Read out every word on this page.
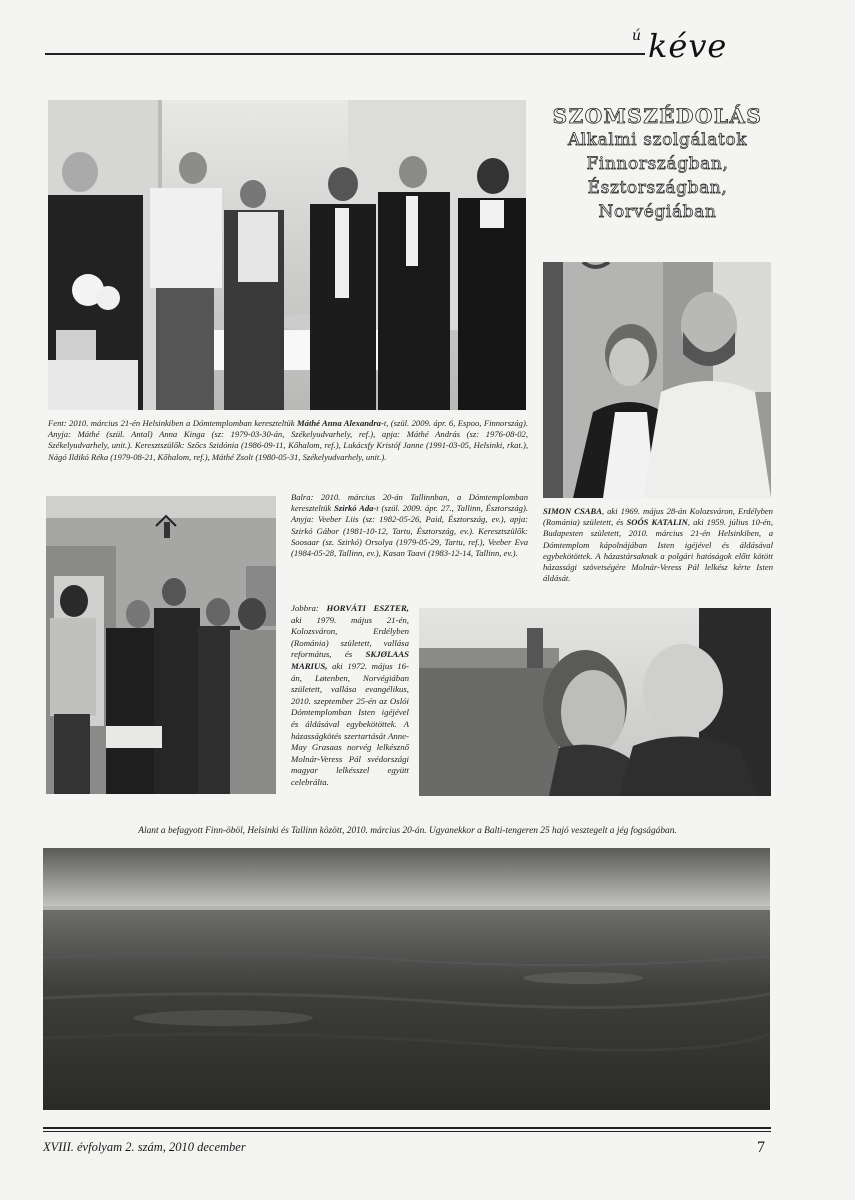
ú kéve
SZOMSZÉDOLÁS
Alkalmi szolgálatok
Finnországban,
Észtországban,
Norvégiában

Fent: 2010. március 21-én Helsinkiben a Dómtemplomban kereszteltük Máthé Anna Alexandra-t, (szül. 2009. ápr. 6, Espoo, Finnország). Anyja: Máthé (szül. Antal) Anna Kinga (sz: 1979-03-30-án, Székelyudvarhely, ref.), apja: Máthé András (sz: 1976-08-02, Székelyudvarhely, unit.). Keresztszülők: Szőcs Szidónia (1986-09-11, Kőhalom, ref.), Lukácsfy Kristóf Janne (1991-03-05, Helsinki, rkat.), Nágó Ildikó Réka (1979-08-21, Kőhalom, ref.), Máthé Zsolt (1980-05-31, Székelyudvarhely, unit.).

Balra: 2010. március 20-án Tallinnban, a Dómtemplomban kereszteltük Szirkó Ada-t (szül. 2009. ápr. 27., Tallinn, Észtország). Anyja: Veeber Liis (sz: 1982-05-26, Paid, Észtország, ev.), apja: Szirkó Gábor (1981-10-12, Tartu, Észtország, ev.). Keresztszülők: Soosaar (sz. Szirkó) Orsolya (1979-05-29, Tartu, ref.), Veeber Eva (1984-05-28, Tallinn, ev.), Kasan Taavi (1983-12-14, Tallinn, ev.).

SIMON CSABA, aki 1969. május 28-án Kolozsváron, Erdélyben (Románia) született, és SOÓS KATALIN, aki 1959. július 10-én, Budapesten született, 2010. március 21-én Helsinkiben, a Dómtemplom kápolnájában Isten igéjével és áldásával egybekötöttek. A házastársaknak a polgári hatóságok előtt kötött házassági szövetségére Molnár-Veress Pál lelkész kérte Isten áldását.

Jobbra: HORVÁTI ESZTER, aki 1979. május 21-én, Kolozsváron, Erdélyben (Románia) született, vallása református, és SKJØLAAS MARIUS, aki 1972. május 16-án, Løtenben, Norvégiában született, vallása evangélikus, 2010. szeptember 25-én az Oslói Dómtemplomban Isten igéjével és áldásával egybekötöttek. A házasságkötés szertartását Anne-May Grasaas norvég lelkésznő Molnár-Veress Pál svédországi magyar lelkésszel együtt celebrálta.

Alant a befagyott Finn-öböl, Helsinki és Tallinn között, 2010. március 20-án. Ugyanekkor a Balti-tengeren 25 hajó vesztegelt a jég fogságában.
XVIII. évfolyam 2. szám, 2010 december	7
